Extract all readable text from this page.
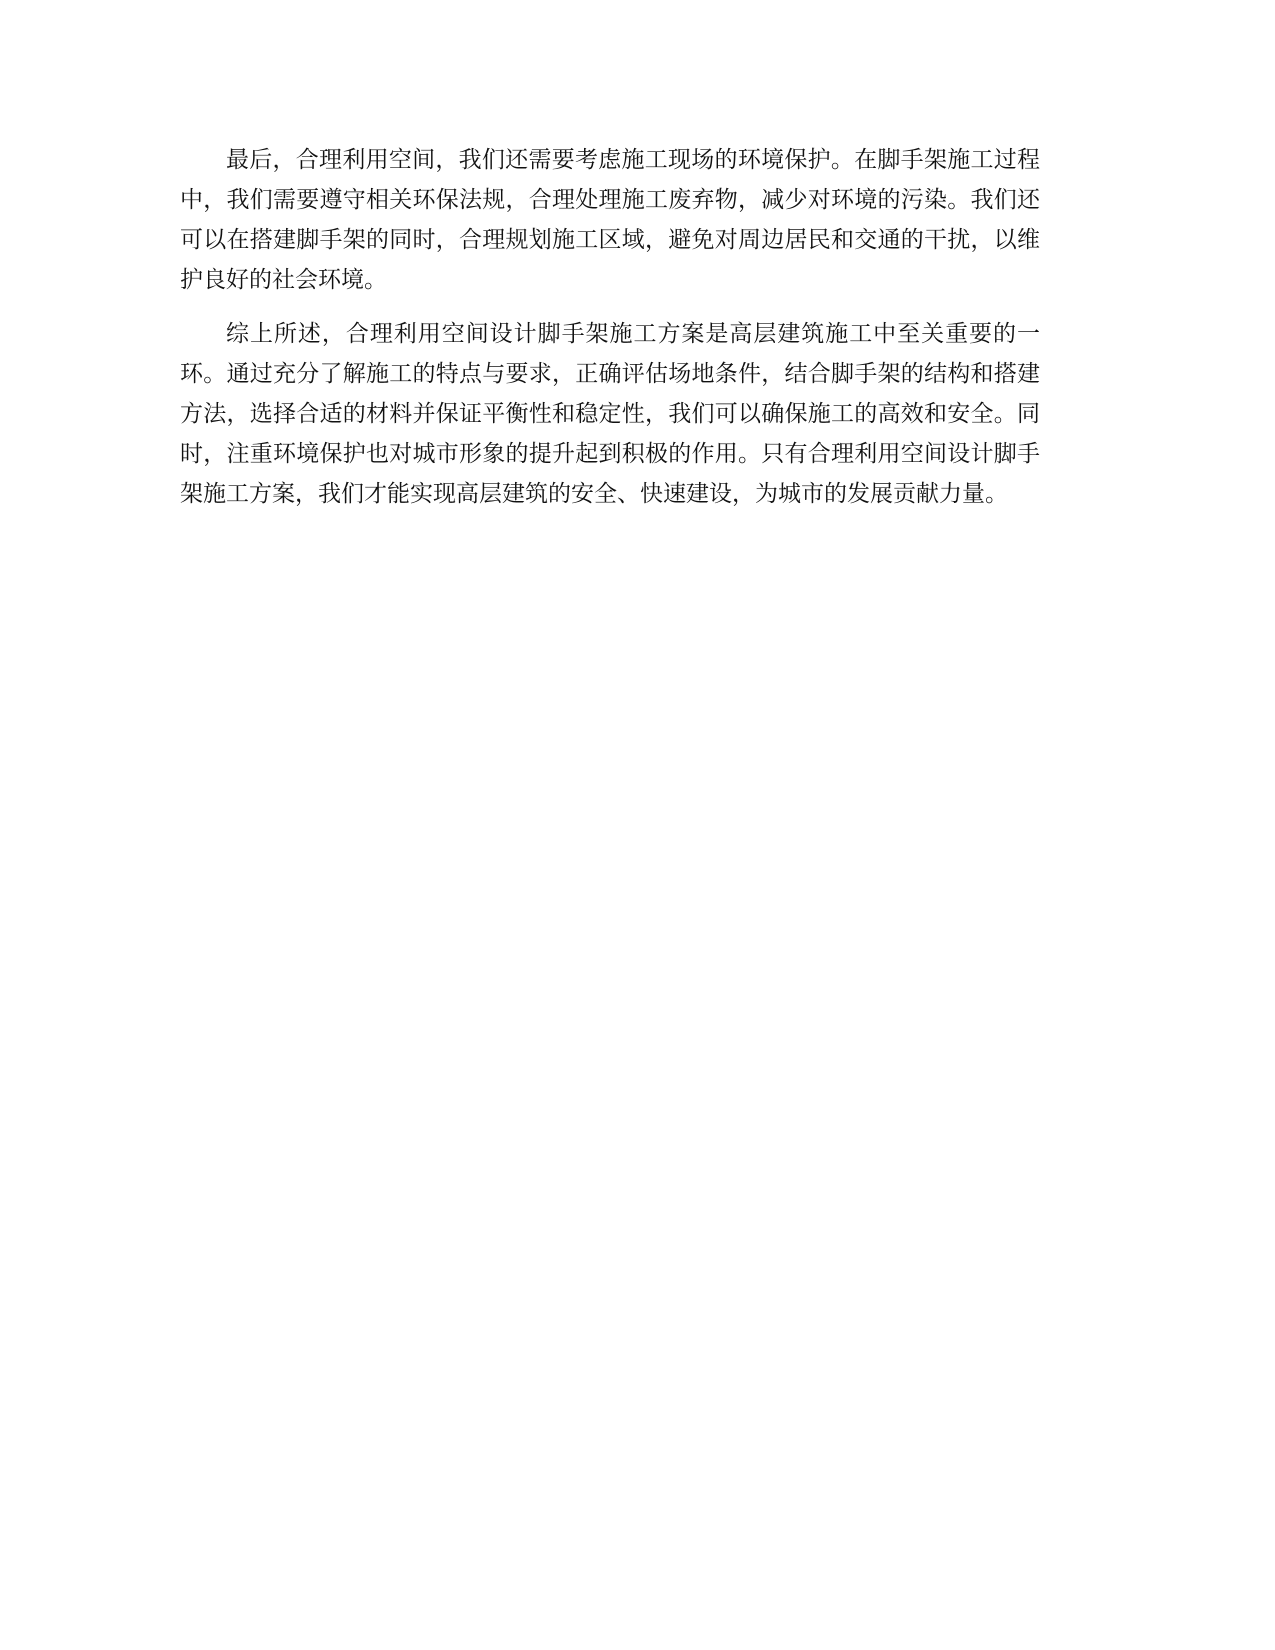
最后，合理利用空间，我们还需要考虑施工现场的环境保护。在脚手架施工过程中，我们需要遵守相关环保法规，合理处理施工废弃物，减少对环境的污染。我们还可以在搭建脚手架的同时，合理规划施工区域，避免对周边居民和交通的干扰，以维护良好的社会环境。

综上所述，合理利用空间设计脚手架施工方案是高层建筑施工中至关重要的一环。通过充分了解施工的特点与要求，正确评估场地条件，结合脚手架的结构和搭建方法，选择合适的材料并保证平衡性和稳定性，我们可以确保施工的高效和安全。同时，注重环境保护也对城市形象的提升起到积极的作用。只有合理利用空间设计脚手架施工方案，我们才能实现高层建筑的安全、快速建设，为城市的发展贡献力量。
